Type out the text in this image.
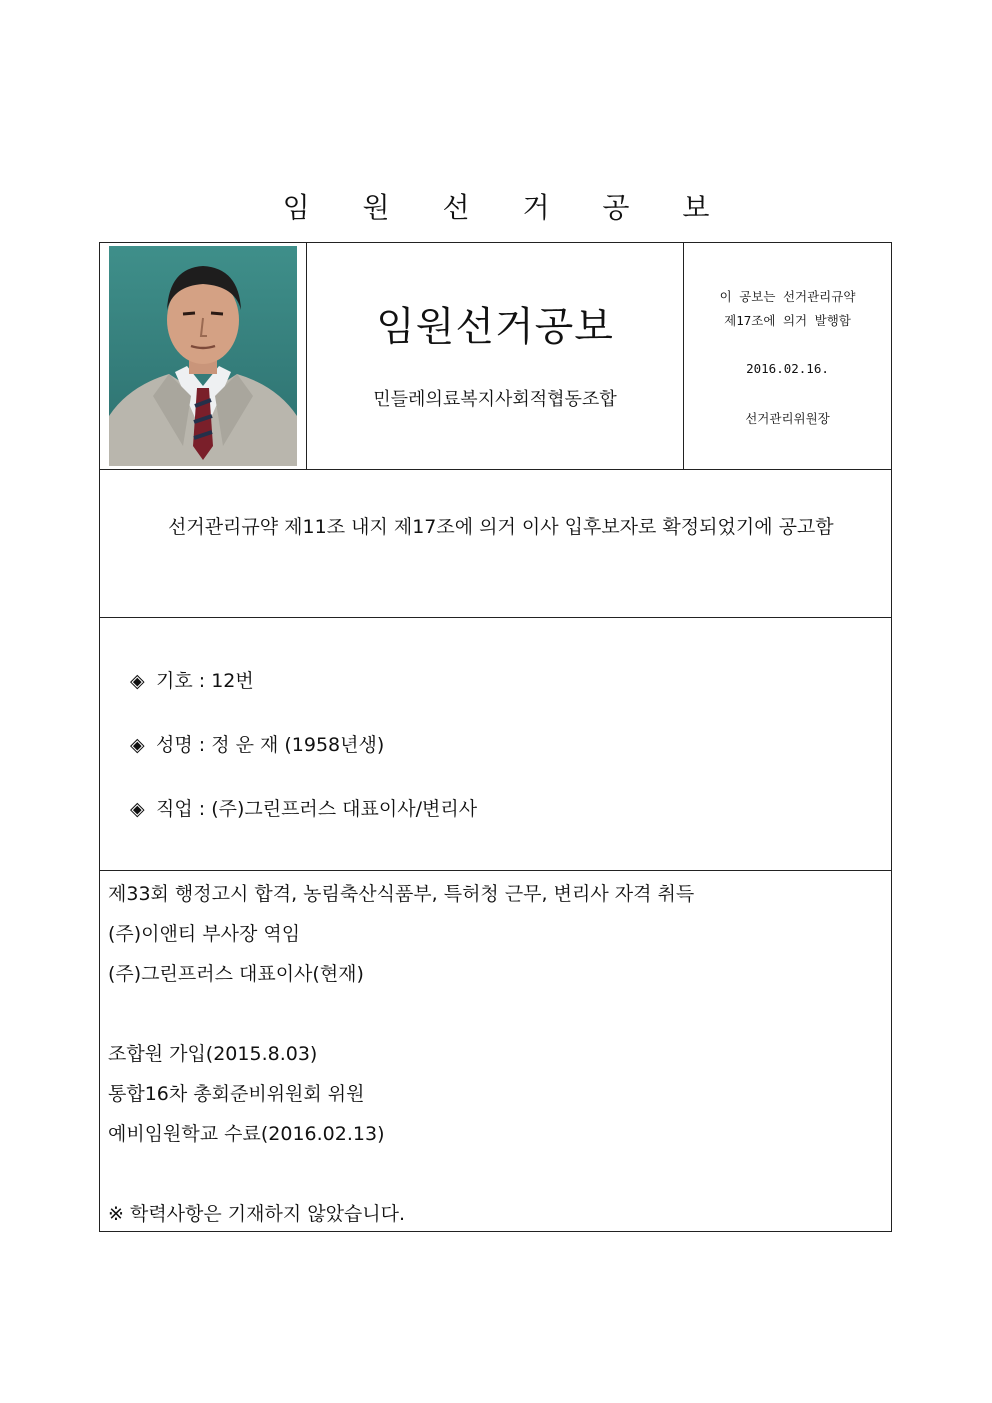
임 원 선 거 공 보
임원선거공보
민들레의료복지사회적협동조합
이 공보는 선거관리규약
제17조에 의거 발행함
2016.02.16.
선거관리위원장
선거관리규약 제11조 내지 제17조에 의거 이사 입후보자로 확정되었기에 공고함
◈ 기호 : 12번
◈ 성명 : 정 운 재 (1958년생)
◈ 직업 : (주)그린프러스 대표이사/변리사
제33회 행정고시 합격, 농림축산식품부, 특허청 근무, 변리사 자격 취득
(주)이앤티 부사장 역임
(주)그린프러스 대표이사(현재)
조합원 가입(2015.8.03)
통합16차 총회준비위원회 위원
예비임원학교 수료(2016.02.13)
※ 학력사항은 기재하지 않았습니다.
